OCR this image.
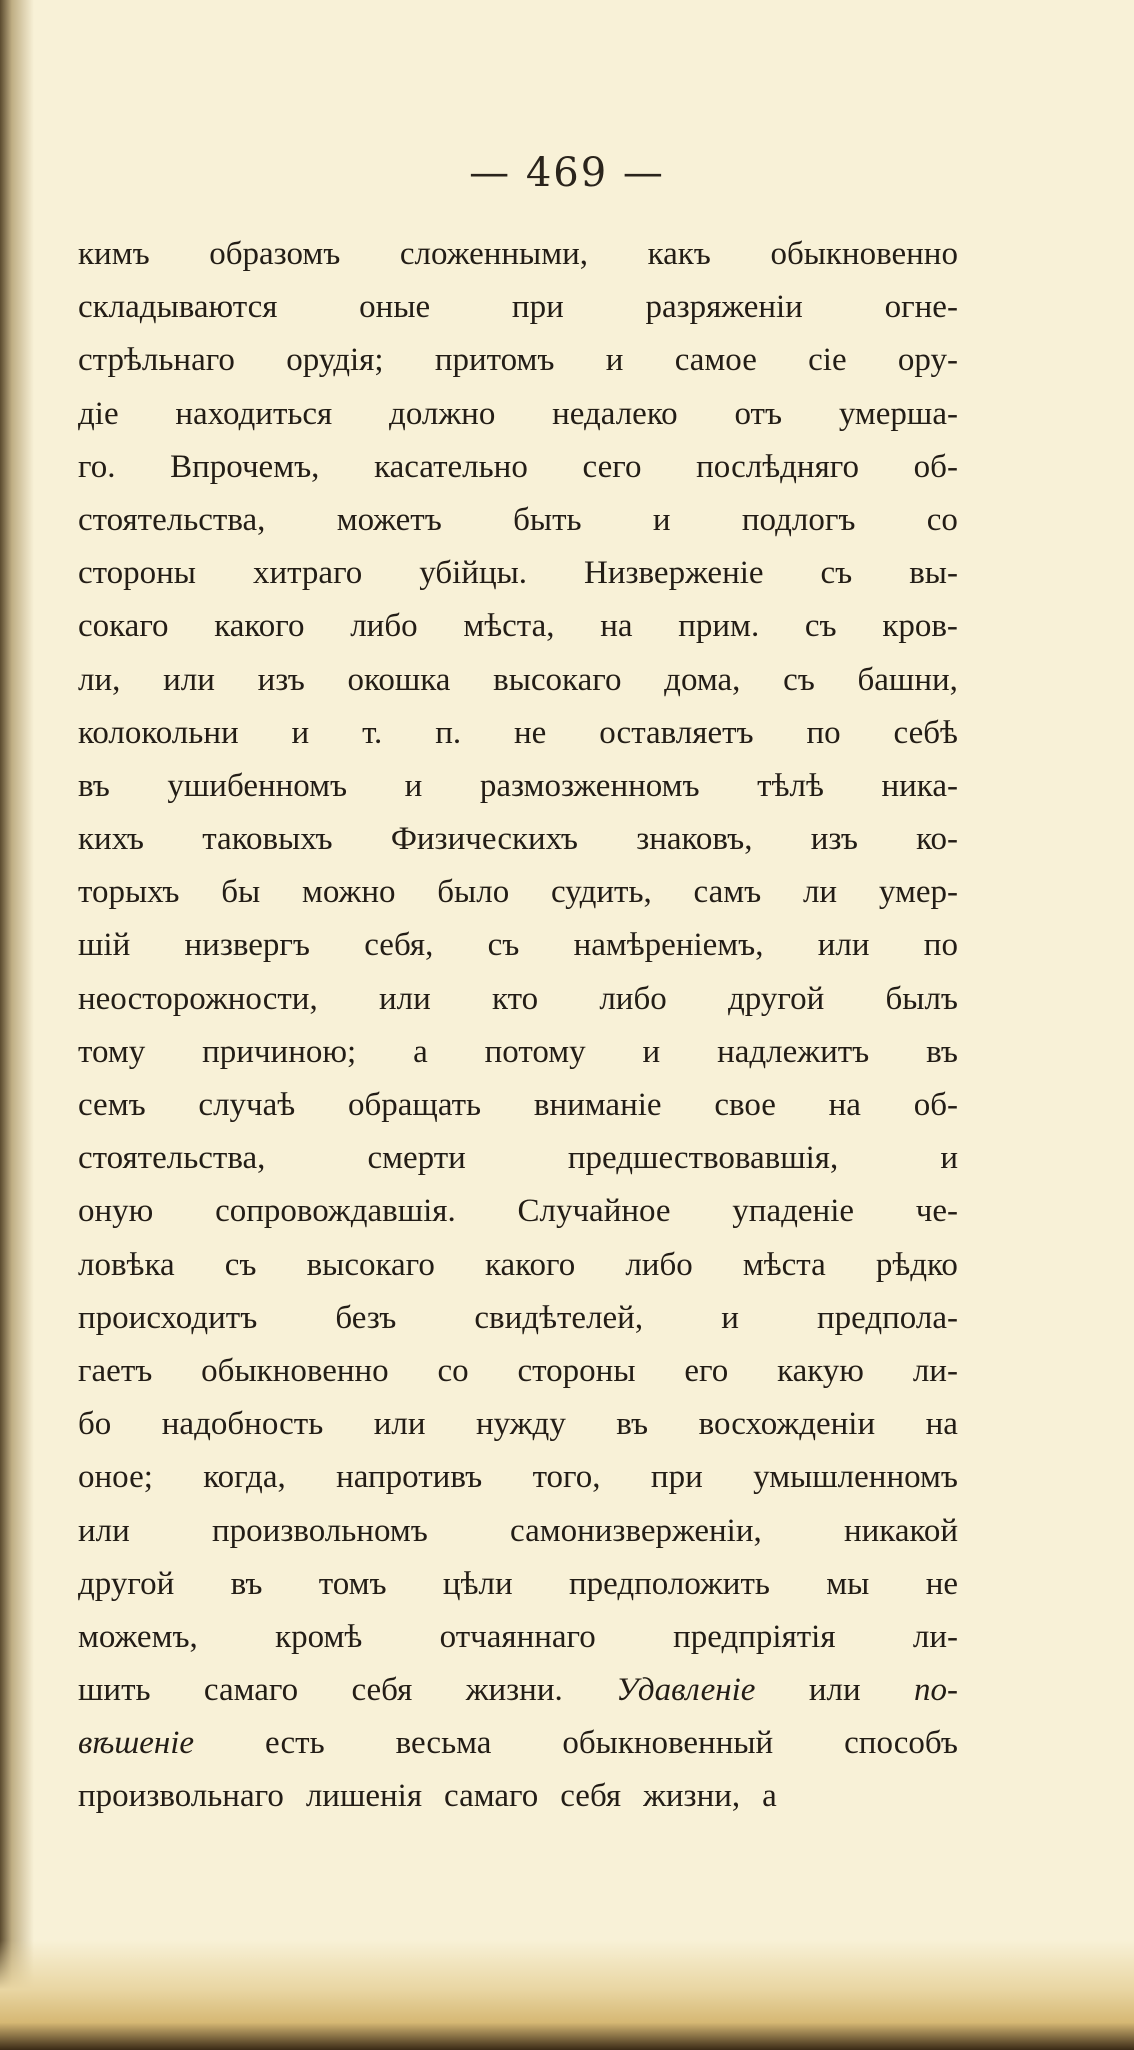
— 469 —
кимъ образомъ сложенными, какъ обыкновенно
складываются оные при разряженіи огне-
стрѣльнаго орудія; притомъ и самое сіе ору-
діе находиться должно недалеко отъ умерша-
го. Впрочемъ, касательно сего послѣдняго об-
стоятельства, можетъ быть и подлогъ со
стороны хитраго убійцы. Низверженіе съ вы-
сокаго какого либо мѣста, на прим. съ кров-
ли, или изъ окошка высокаго дома, съ башни,
колокольни и т. п. не оставляетъ по себѣ
въ ушибенномъ и размозженномъ тѣлѣ ника-
кихъ таковыхъ Физическихъ знаковъ, изъ ко-
торыхъ бы можно было судить, самъ ли умер-
шій низвергъ себя, съ намѣреніемъ, или по
неосторожности, или кто либо другой былъ
тому причиною; а потому и надлежитъ въ
семъ случаѣ обращать вниманіе свое на об-
стоятельства,	смерти	предшествовавшія,	и
оную сопровождавшія. Случайное упаденіе че-
ловѣка съ высокаго какого либо мѣста рѣдко
происходитъ безъ свидѣтелей, и предпола-
гаетъ обыкновенно со стороны его какую ли-
бо надобность или нужду въ восхожденіи на
оное; когда, напротивъ того, при умышленномъ
или произвольномъ самонизверженіи, никакой
другой въ томъ цѣли предположить мы не
можемъ, кромѣ отчаяннаго предпріятія ли-
шить самаго себя жизни. Удавленіе или по-
вѣшеніе есть весьма обыкновенный способъ
произвольнаго лишенія самаго себя жизни, а
